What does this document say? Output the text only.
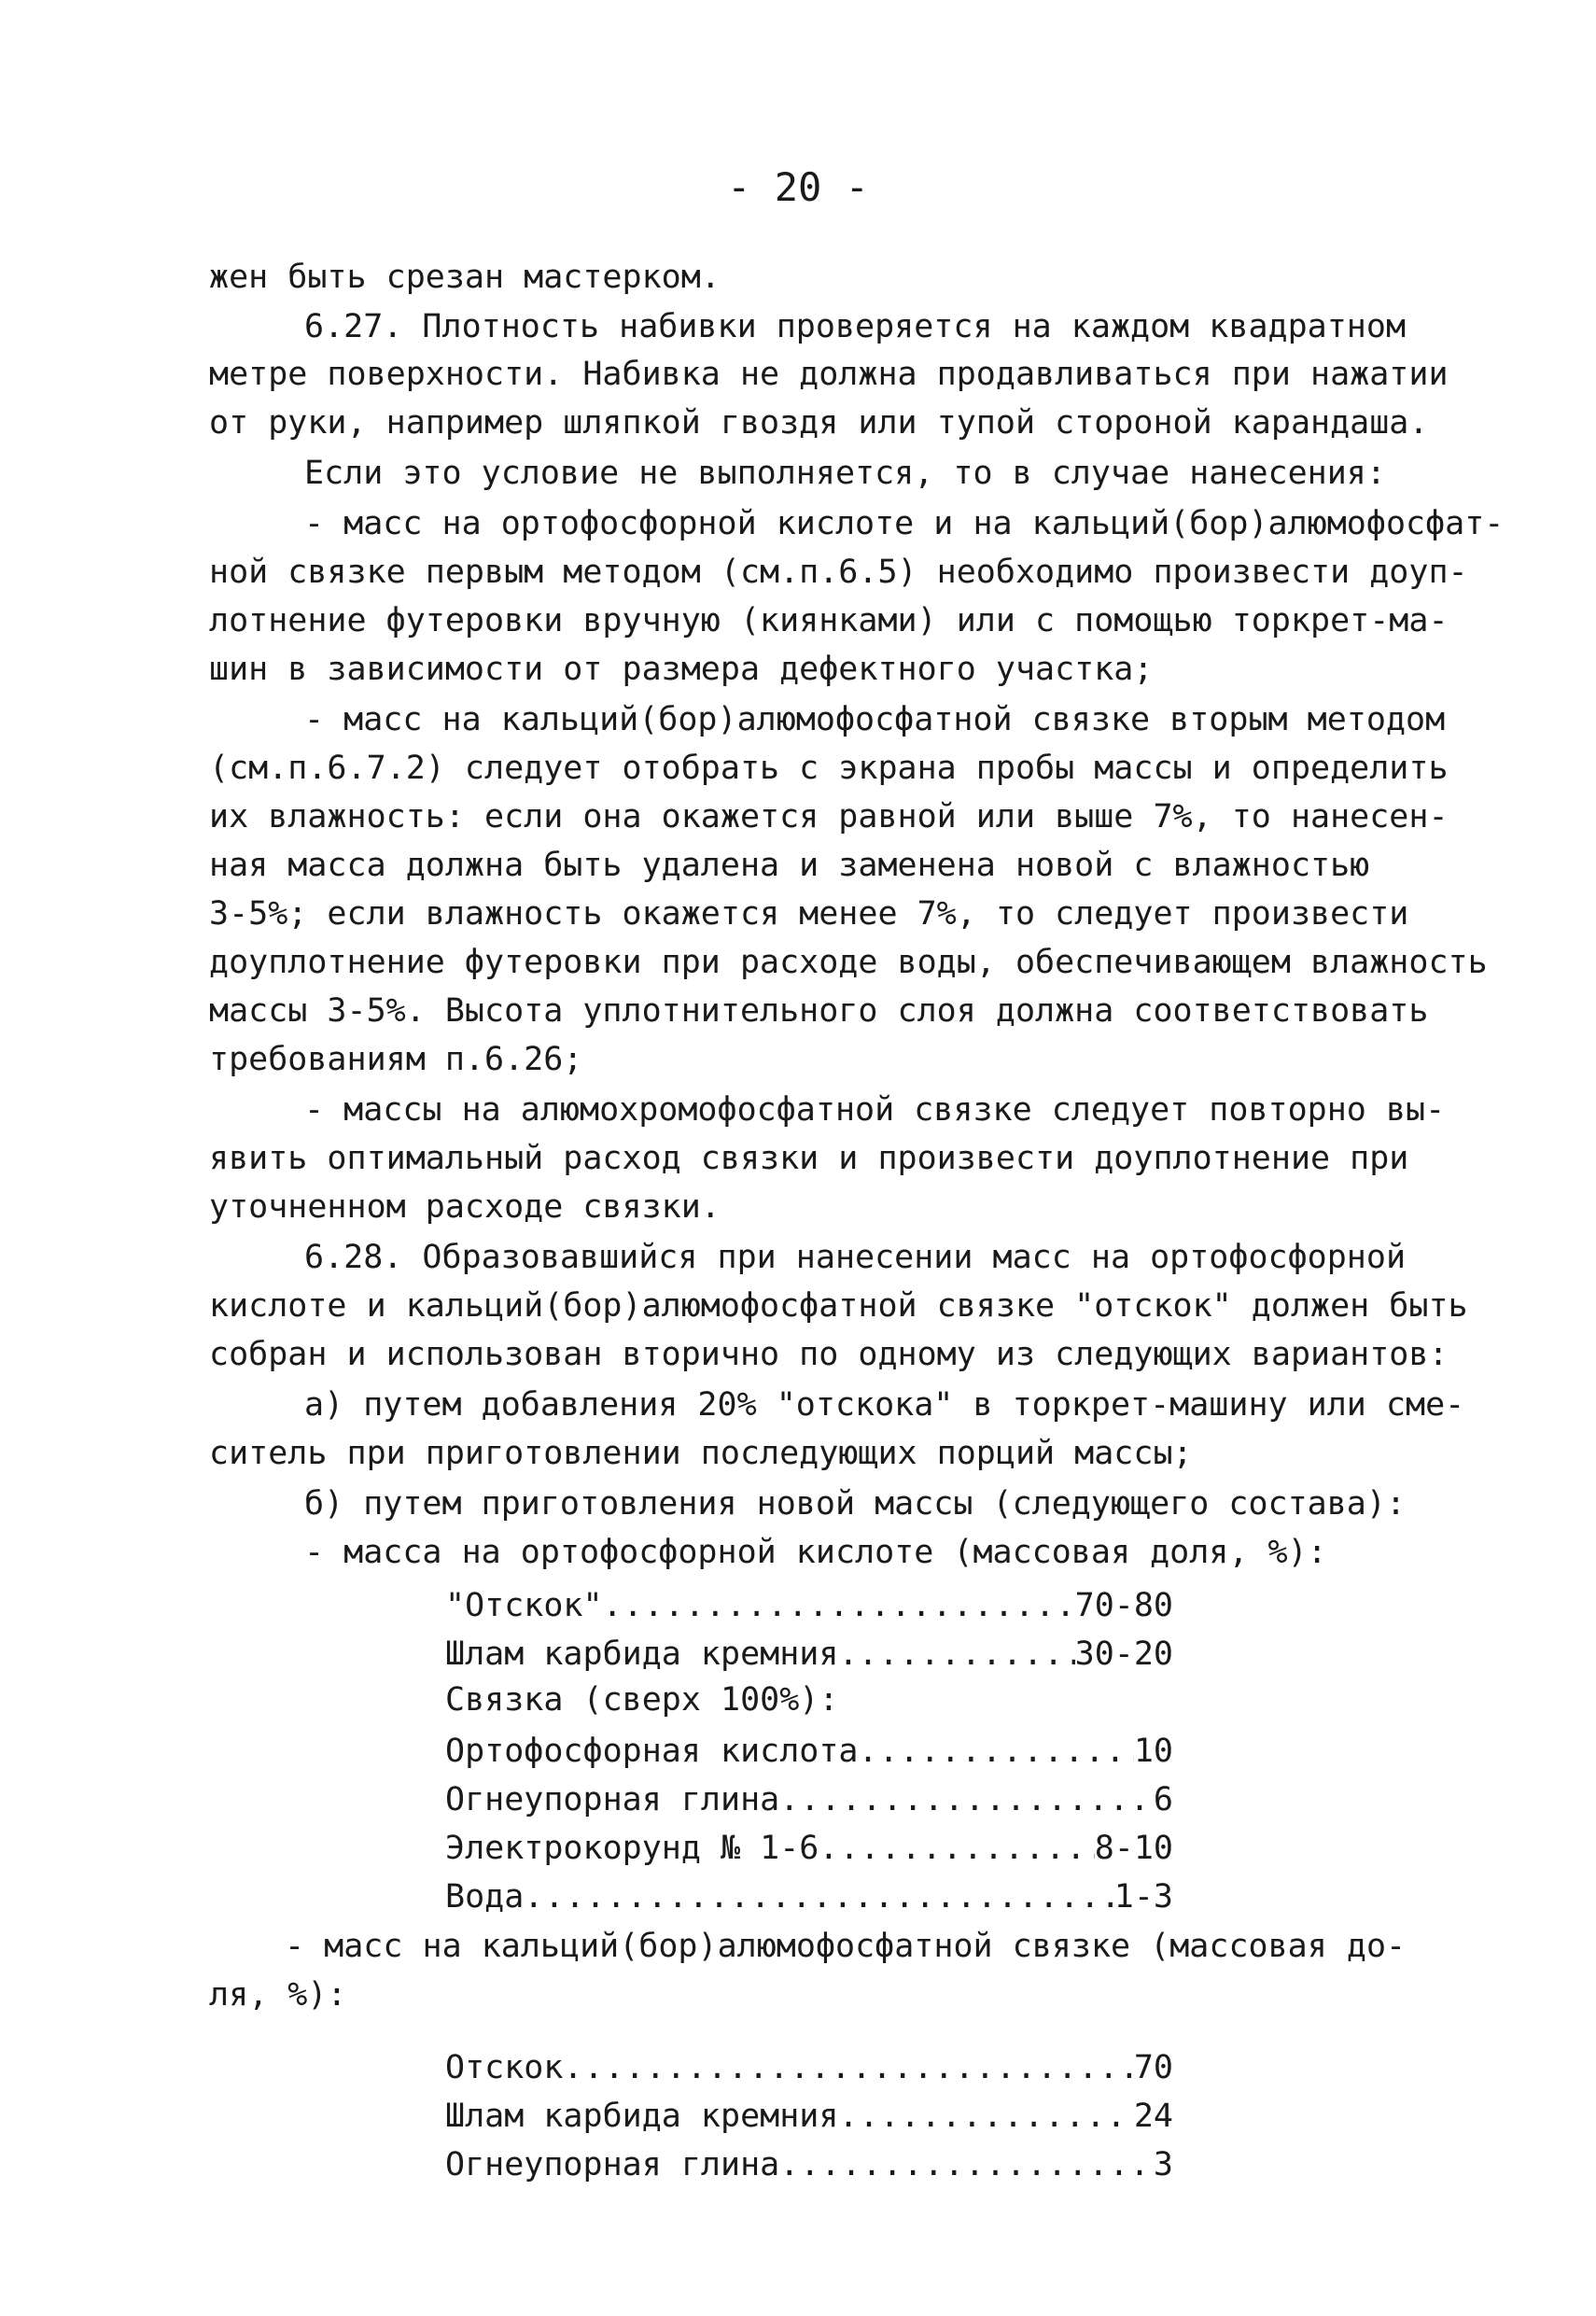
- 20 -
жен быть срезан мастерком.
6.27. Плотность набивки проверяется на каждом квадратном
метре поверхности. Набивка не должна продавливаться при нажатии
от руки, например шляпкой гвоздя или тупой стороной карандаша.
Если это условие не выполняется, то в случае нанесения:
- масс на ортофосфорной кислоте и на кальций(бор)алюмофосфат-
ной связке первым методом (см.п.6.5) необходимо произвести доуп-
лотнение футеровки вручную (киянками) или с помощью торкрет-ма-
шин в зависимости от размера дефектного участка;
- масс на кальций(бор)алюмофосфатной связке вторым методом
(см.п.6.7.2) следует отобрать с экрана пробы массы и определить
их влажность: если она окажется равной или выше 7%, то нанесен-
ная масса должна быть удалена и заменена новой с влажностью
3-5%; если влажность окажется менее 7%, то следует произвести
доуплотнение футеровки при расходе воды, обеспечивающем влажность
массы 3-5%. Высота уплотнительного слоя должна соответствовать
требованиям п.6.26;
- массы на алюмохромофосфатной связке следует повторно вы-
явить оптимальный расход связки и произвести доуплотнение при
уточненном расходе связки.
6.28. Образовавшийся при нанесении масс на ортофосфорной
кислоте и кальций(бор)алюмофосфатной связке "отскок" должен быть
собран и использован вторично по одному из следующих вариантов:
а) путем добавления 20% "отскока" в торкрет-машину или сме-
ситель при приготовлении последующих порций массы;
б) путем приготовления новой массы (следующего состава):
- масса на ортофосфорной кислоте (массовая доля, %):
"Отскок" .....	70-80
Шлам карбида кремния. .....	30-20
Связка (сверх 100%):
Ортофосфорная кислота .....	10
Огнеупорная глина .....	6
Электрокорунд № 1-6 .....	8-10
Вода .....	1-3
- масс на кальций(бор)алюмофосфатной связке (массовая до-
ля, %):
Отскок .....	70
Шлам карбида кремния .....	24
Огнеупорная глина .....	3
